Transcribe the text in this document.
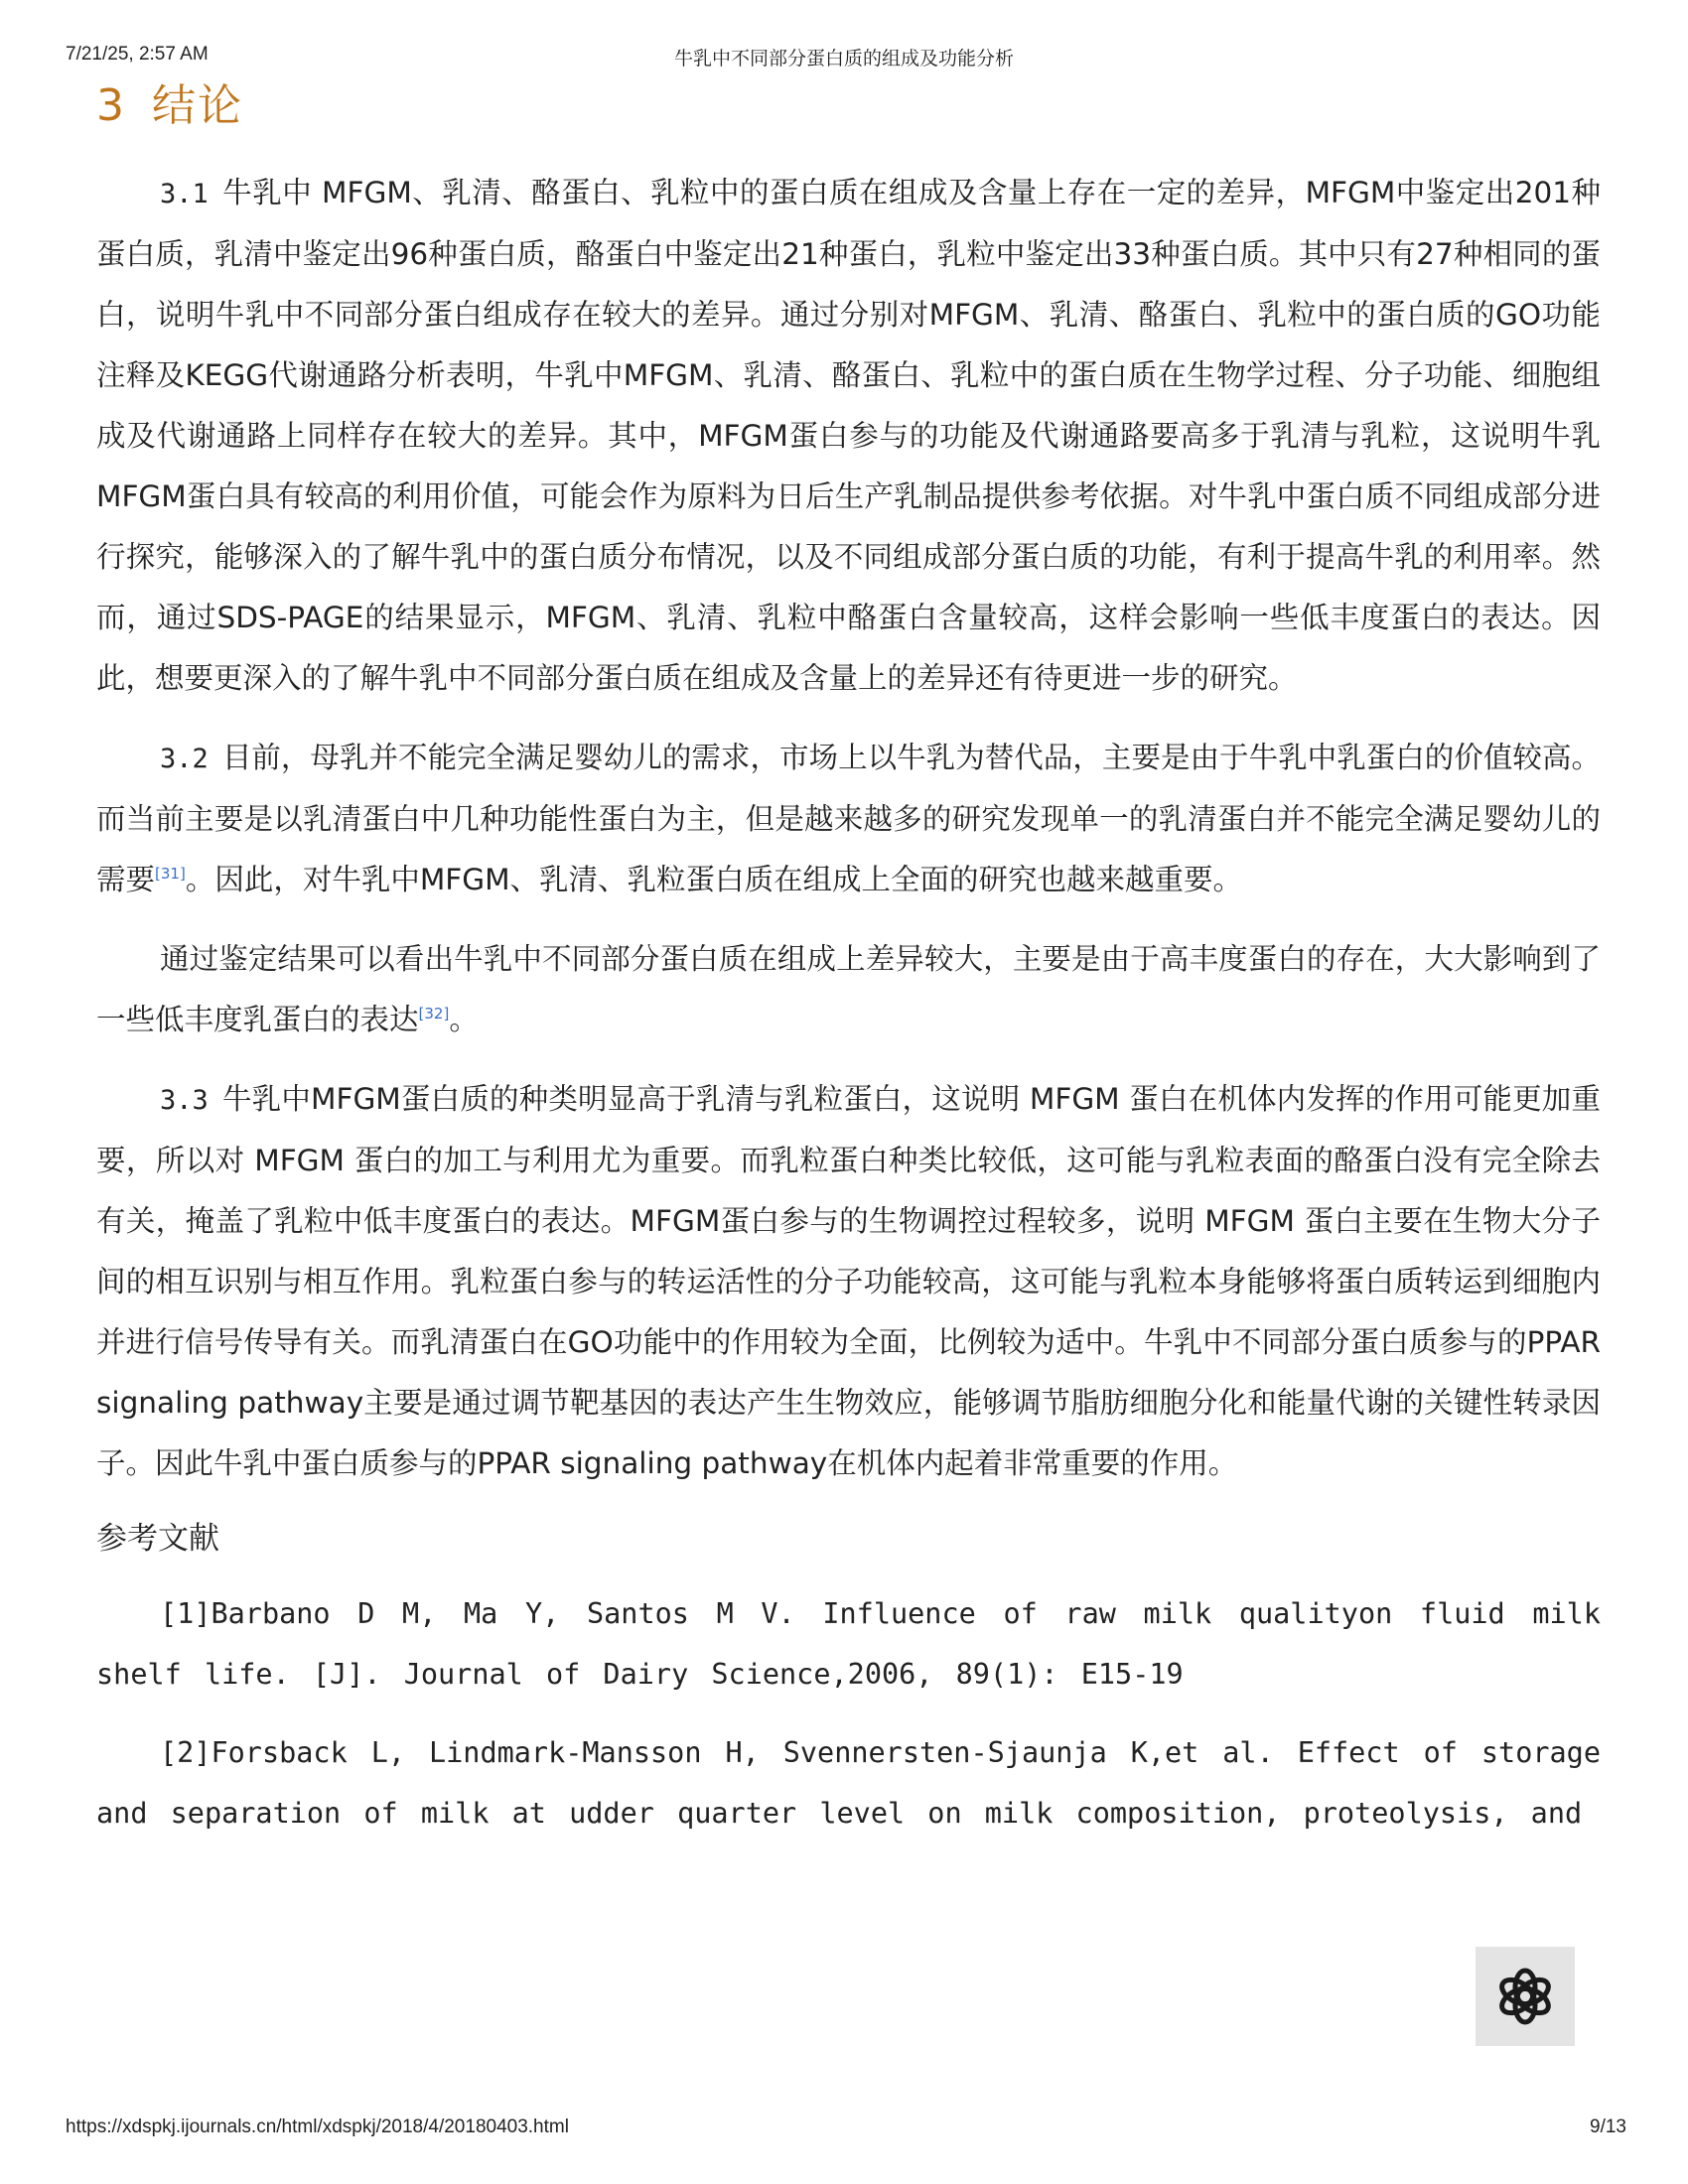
7/21/25, 2:57 AM	牛乳中不同部分蛋白质的组成及功能分析
3 结论

3.1 牛乳中 MFGM、乳清、酪蛋白、乳粒中的蛋白质在组成及含量上存在一定的差异，MFGM中鉴定出201种蛋白质，乳清中鉴定出96种蛋白质，酪蛋白中鉴定出21种蛋白，乳粒中鉴定出33种蛋白质。其中只有27种相同的蛋白，说明牛乳中不同部分蛋白组成存在较大的差异。通过分别对MFGM、乳清、酪蛋白、乳粒中的蛋白质的GO功能注释及KEGG代谢通路分析表明，牛乳中MFGM、乳清、酪蛋白、乳粒中的蛋白质在生物学过程、分子功能、细胞组成及代谢通路上同样存在较大的差异。其中，MFGM蛋白参与的功能及代谢通路要高多于乳清与乳粒，这说明牛乳MFGM蛋白具有较高的利用价值，可能会作为原料为日后生产乳制品提供参考依据。对牛乳中蛋白质不同组成部分进行探究，能够深入的了解牛乳中的蛋白质分布情况，以及不同组成部分蛋白质的功能，有利于提高牛乳的利用率。然而，通过SDS-PAGE的结果显示，MFGM、乳清、乳粒中酪蛋白含量较高，这样会影响一些低丰度蛋白的表达。因此，想要更深入的了解牛乳中不同部分蛋白质在组成及含量上的差异还有待更进一步的研究。

3.2 目前，母乳并不能完全满足婴幼儿的需求，市场上以牛乳为替代品，主要是由于牛乳中乳蛋白的价值较高。而当前主要是以乳清蛋白中几种功能性蛋白为主，但是越来越多的研究发现单一的乳清蛋白并不能完全满足婴幼儿的需要[31]。因此，对牛乳中MFGM、乳清、乳粒蛋白质在组成上全面的研究也越来越重要。

通过鉴定结果可以看出牛乳中不同部分蛋白质在组成上差异较大，主要是由于高丰度蛋白的存在，大大影响到了一些低丰度乳蛋白的表达[32]。

3.3 牛乳中MFGM蛋白质的种类明显高于乳清与乳粒蛋白，这说明 MFGM 蛋白在机体内发挥的作用可能更加重要，所以对 MFGM 蛋白的加工与利用尤为重要。而乳粒蛋白种类比较低，这可能与乳粒表面的酪蛋白没有完全除去有关，掩盖了乳粒中低丰度蛋白的表达。MFGM蛋白参与的生物调控过程较多，说明 MFGM 蛋白主要在生物大分子间的相互识别与相互作用。乳粒蛋白参与的转运活性的分子功能较高，这可能与乳粒本身能够将蛋白质转运到细胞内并进行信号传导有关。而乳清蛋白在GO功能中的作用较为全面，比例较为适中。牛乳中不同部分蛋白质参与的PPAR signaling pathway主要是通过调节靶基因的表达产生生物效应，能够调节脂肪细胞分化和能量代谢的关键性转录因子。因此牛乳中蛋白质参与的PPAR signaling pathway在机体内起着非常重要的作用。

参考文献

[1]Barbano D M, Ma Y, Santos M V. Influence of raw milk qualityon fluid milk shelf life. [J]. Journal of Dairy Science,2006, 89(1): E15-19

[2]Forsback L, Lindmark-Mansson H, Svennersten-Sjaunja K,et al. Effect of storage and separation of milk at udder quarter level on milk composition, proteolysis, and

https://xdspkj.ijournals.cn/html/xdspkj/2018/4/20180403.html	9/13
